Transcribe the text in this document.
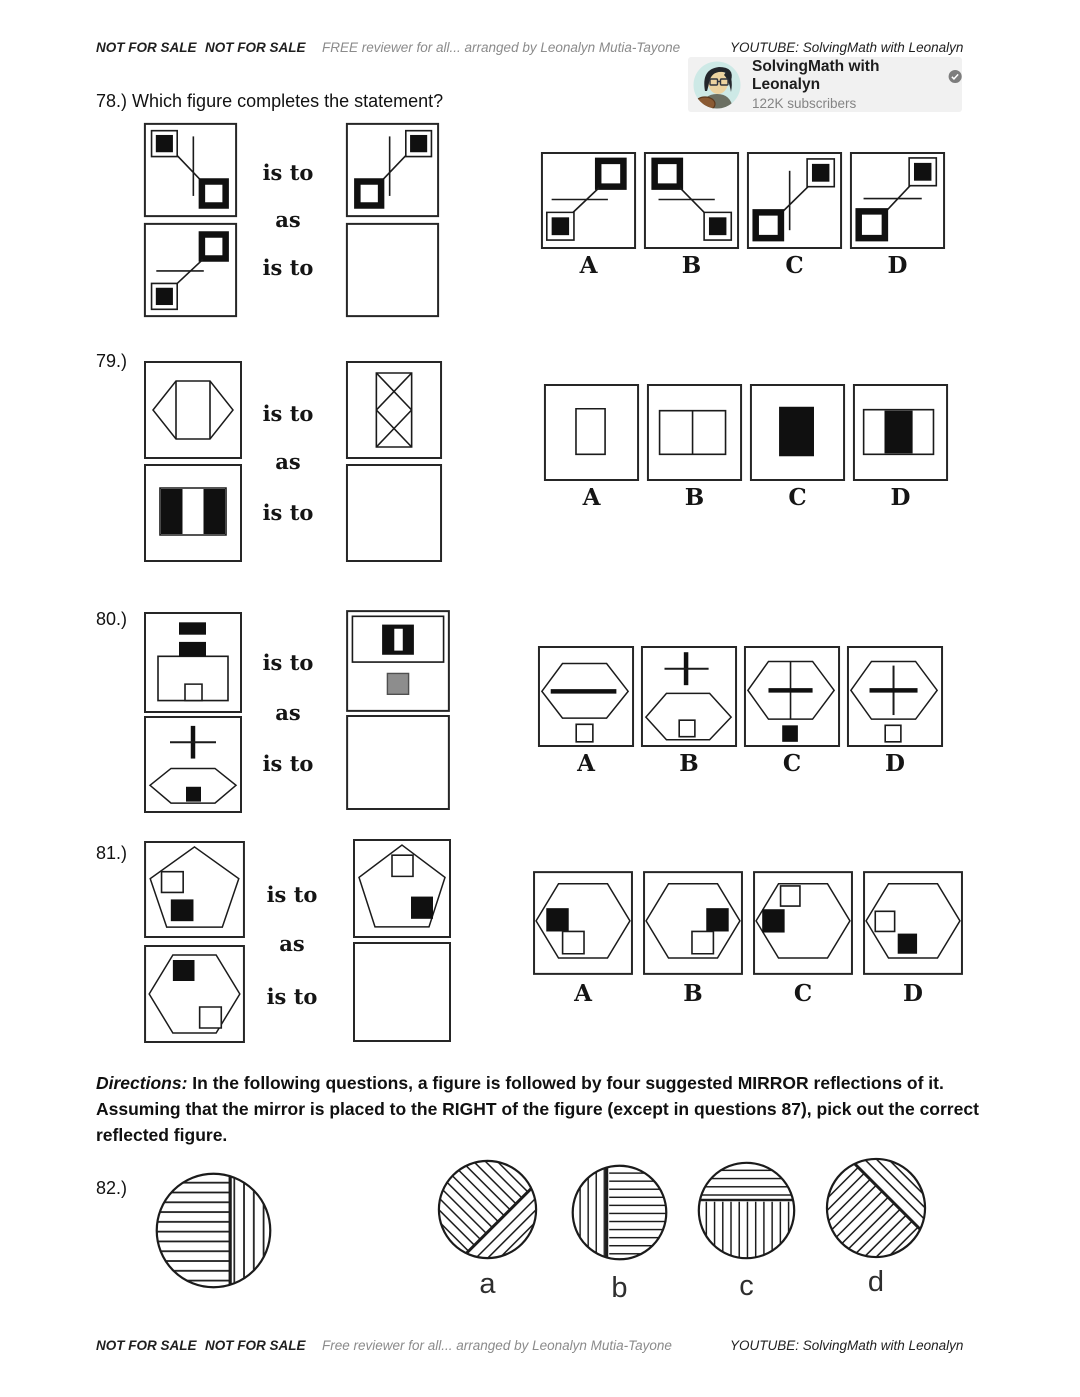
NOT FOR SALE NOT FOR SALE FREE reviewer for all... arranged by Leonalyn Mutia-Tayone	YOUTUBE: SolvingMath with Leonalyn
SolvingMath with Leonalyn
122K subscribers
78.) Which figure completes the statement?
is to
as
is to	A	B	C	D
79.)
is to
as
is to
A	B	C	D
80.)
is to
as
is to	A	B	C	D
81.)
is to
as
is to	A	B	C	D
Directions: In the following questions, a figure is followed by four suggested MIRROR reflections of it. Assuming that the mirror is placed to the RIGHT of the figure (except in questions 87), pick out the correct reflected figure.
82.)
a	b	c	d
NOT FOR SALE NOT FOR SALE Free reviewer for all... arranged by Leonalyn Mutia-Tayone	YOUTUBE: SolvingMath with Leonalyn
